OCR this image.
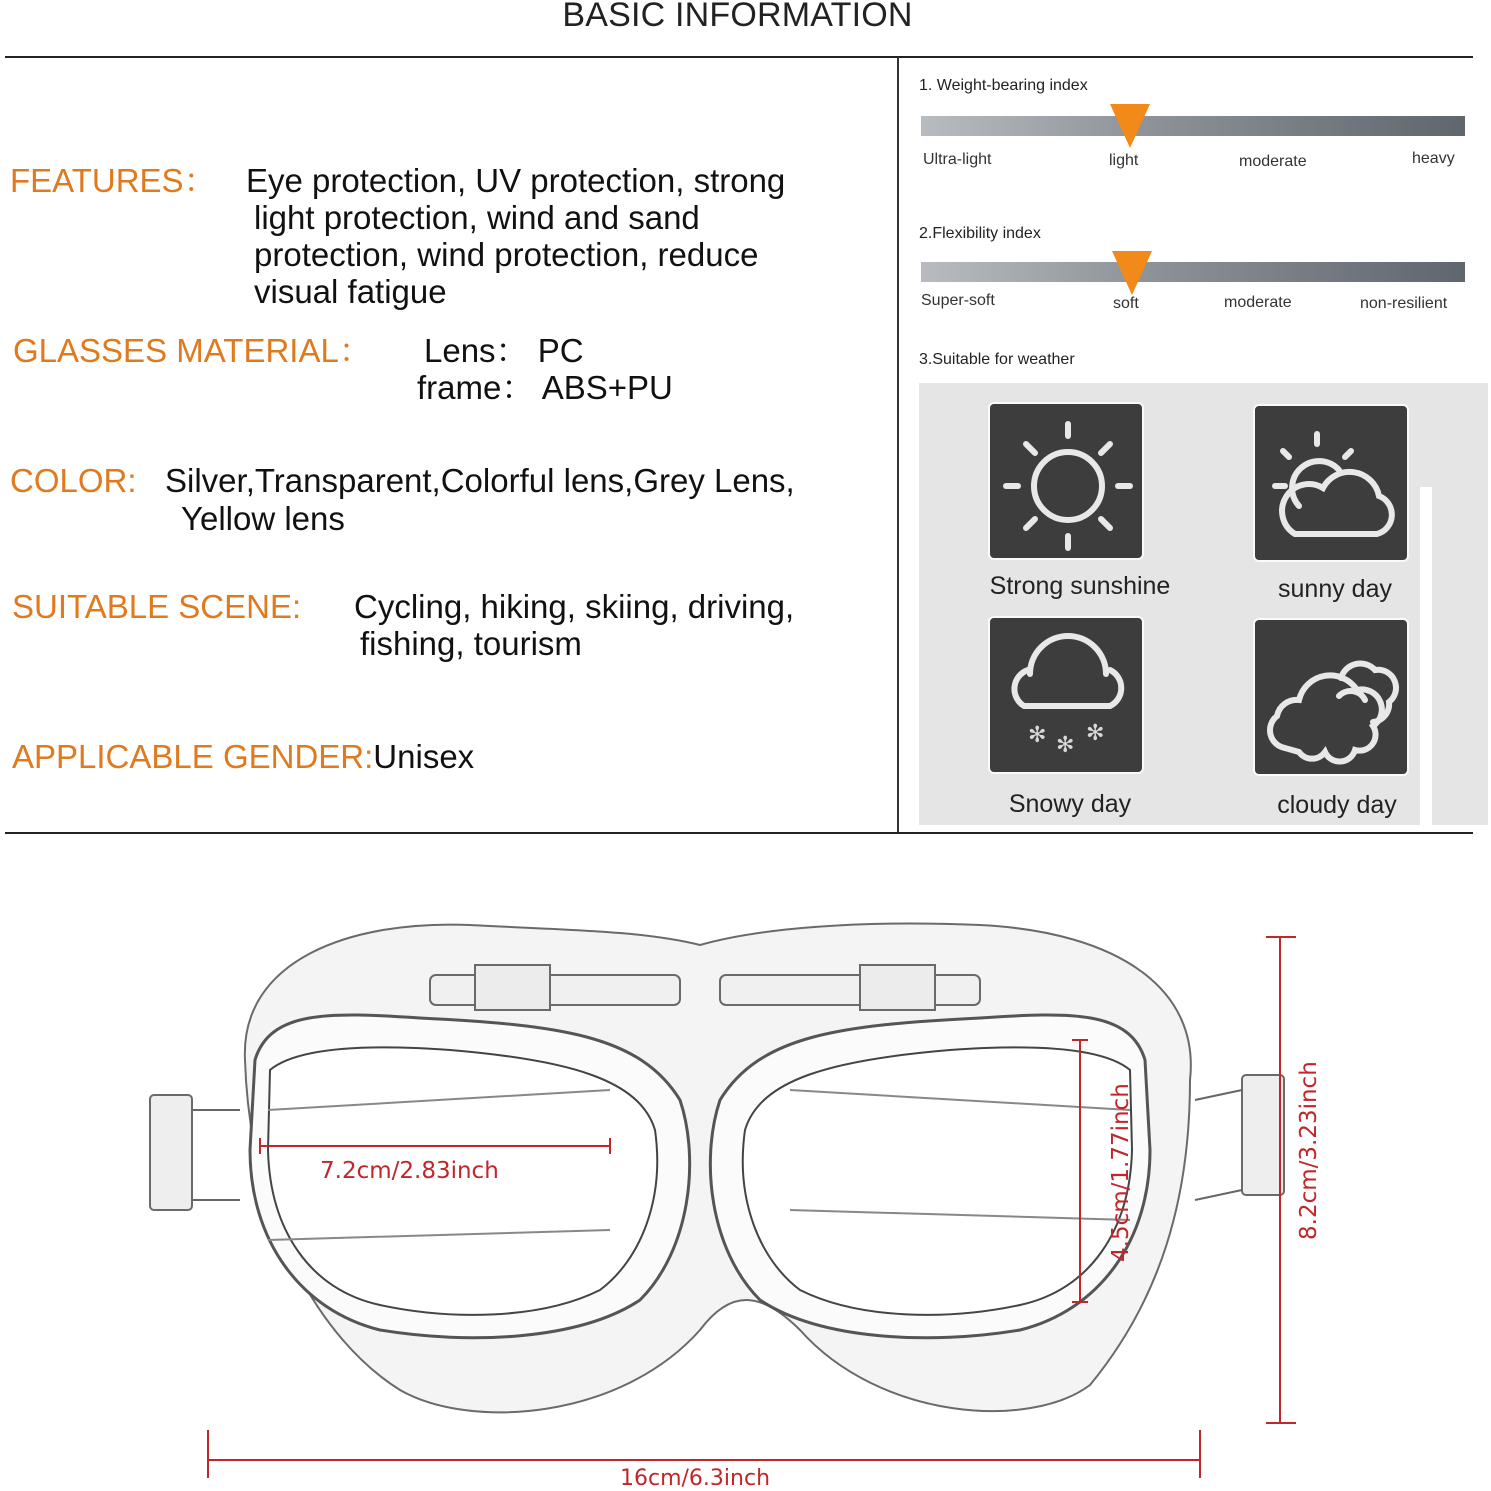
BASIC INFORMATION
FEATURES： Eye protection, UV protection, strong
light protection, wind and sand
protection, wind protection, reduce
visual fatigue
GLASSES MATERIAL： Lens： PC
frame： ABS+PU
COLOR: Silver,Transparent,Colorful lens,Grey Lens,
Yellow lens
SUITABLE SCENE: Cycling, hiking, skiing, driving,
fishing, tourism
APPLICABLE GENDER:Unisex
1. Weight-bearing index
Ultra-light	light	moderate	heavy
2.Flexibility index
Super-soft	soft	moderate	non-resilient
3.Suitable for weather
Strong sunshine	sunny day
✻ ✻ ✻
Snowy day	cloudy day
7.2cm/2.83inch	4.5cm/1.77inch	8.2cm/3.23inch
16cm/6.3inch
